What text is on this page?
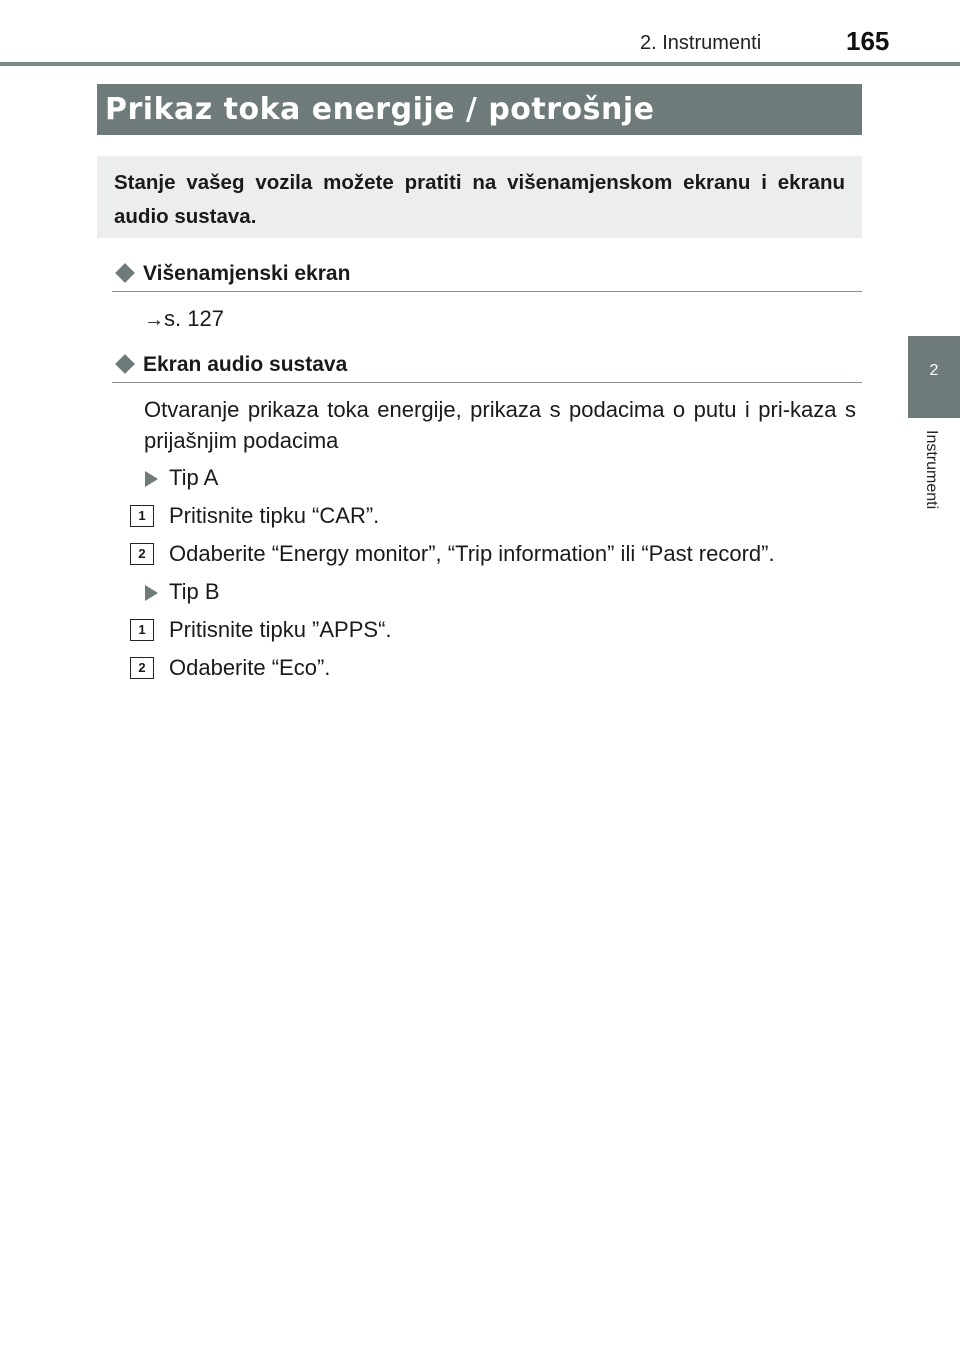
2. Instrumenti	165
2
Instrumenti
Prikaz toka energije / potrošnje
Stanje vašeg vozila možete pratiti na višenamjenskom ekranu i ekranu audio sustava.
Višenamjenski ekran
→s. 127
Ekran audio sustava
Otvaranje prikaza toka energije, prikaza s podacima o putu i pri-kaza s prijašnjim podacima
Tip A
1	Pritisnite tipku “CAR”.
2	Odaberite “Energy monitor”, “Trip information” ili “Past record”.
Tip B
1	Pritisnite tipku ”APPS“.
2	Odaberite “Eco”.
